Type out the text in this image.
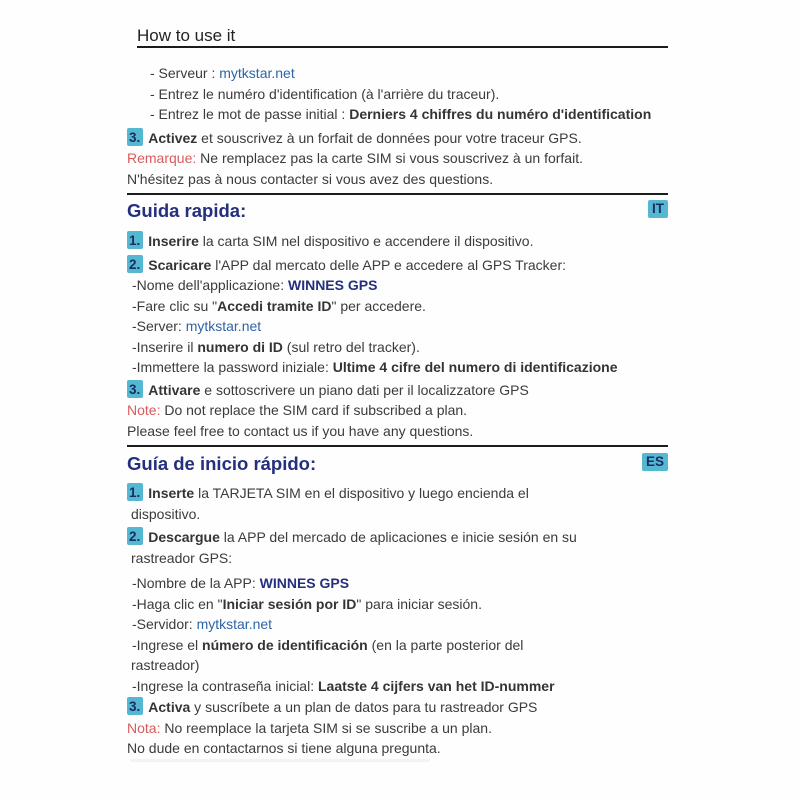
How to use it
- Serveur : mytkstar.net
- Entrez le numéro d'identification (à l'arrière du traceur).
- Entrez le mot de passe initial : Derniers 4 chiffres du numéro d'identification
3. Activez et souscrivez à un forfait de données pour votre traceur GPS.
Remarque: Ne remplacez pas la carte SIM si vous souscrivez à un forfait.
N'hésitez pas à nous contacter si vous avez des questions.
Guida rapida:	IT
1. Inserire la carta SIM nel dispositivo e accendere il dispositivo.
2. Scaricare l'APP dal mercato delle APP e accedere al GPS Tracker:
-Nome dell'applicazione: WINNES GPS
-Fare clic su "Accedi tramite ID" per accedere.
-Server: mytkstar.net
-Inserire il numero di ID (sul retro del tracker).
-Immettere la password iniziale: Ultime 4 cifre del numero di identificazione
3. Attivare e sottoscrivere un piano dati per il localizzatore GPS
Note: Do not replace the SIM card if subscribed a plan.
Please feel free to contact us if you have any questions.
Guía de inicio rápido:	ES
1. Inserte la TARJETA SIM en el dispositivo y luego encienda el
dispositivo.
2. Descargue la APP del mercado de aplicaciones e inicie sesión en su
rastreador GPS:
-Nombre de la APP: WINNES GPS
-Haga clic en "Iniciar sesión por ID" para iniciar sesión.
-Servidor: mytkstar.net
-Ingrese el número de identificación (en la parte posterior del
rastreador)
-Ingrese la contraseña inicial: Laatste 4 cijfers van het ID-nummer
3. Activa y suscríbete a un plan de datos para tu rastreador GPS
Nota: No reemplace la tarjeta SIM si se suscribe a un plan.
No dude en contactarnos si tiene alguna pregunta.
